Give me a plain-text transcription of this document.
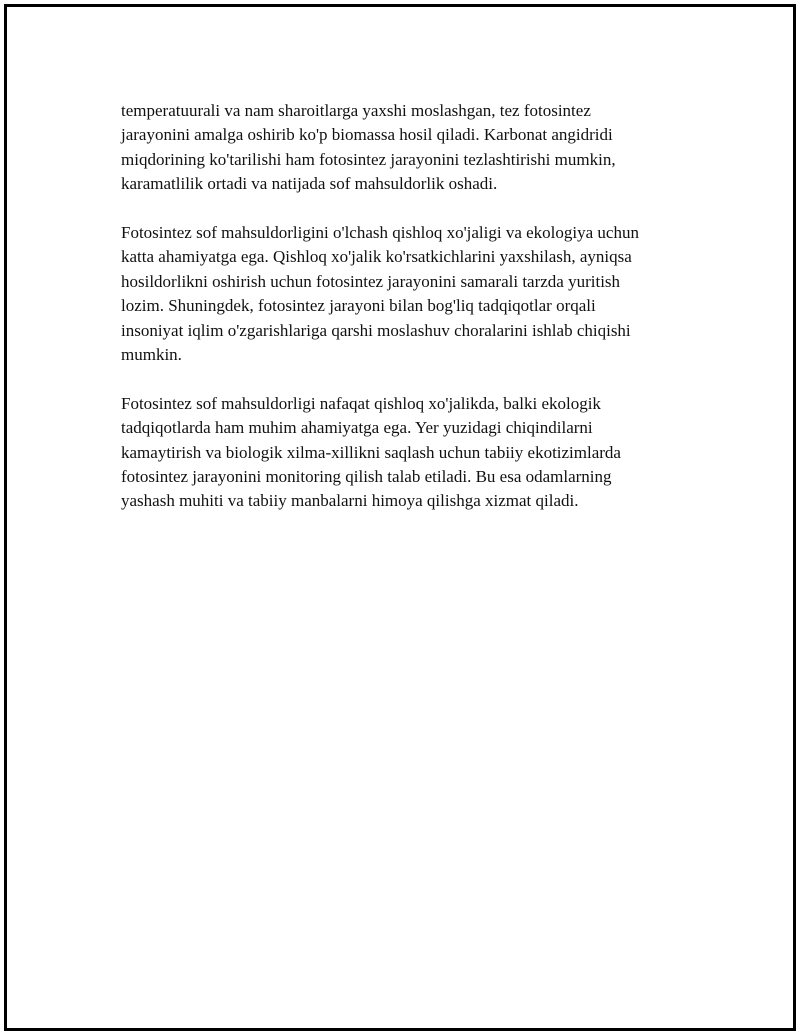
temperatuurali va nam sharoitlarga yaxshi moslashgan, tez fotosintez
jarayonini amalga oshirib ko'p biomassa hosil qiladi. Karbonat angidridi
miqdorining ko'tarilishi ham fotosintez jarayonini tezlashtirishi mumkin,
karamatlilik ortadi va natijada sof mahsuldorlik oshadi.

Fotosintez sof mahsuldorligini o'lchash qishloq xo'jaligi va ekologiya uchun
katta ahamiyatga ega. Qishloq xo'jalik ko'rsatkichlarini yaxshilash, ayniqsa
hosildorlikni oshirish uchun fotosintez jarayonini samarali tarzda yuritish
lozim. Shuningdek, fotosintez jarayoni bilan bog'liq tadqiqotlar orqali
insoniyat iqlim o'zgarishlariga qarshi moslashuv choralarini ishlab chiqishi
mumkin.

Fotosintez sof mahsuldorligi nafaqat qishloq xo'jalikda, balki ekologik
tadqiqotlarda ham muhim ahamiyatga ega. Yer yuzidagi chiqindilarni
kamaytirish va biologik xilma-xillikni saqlash uchun tabiiy ekotizimlarda
fotosintez jarayonini monitoring qilish talab etiladi. Bu esa odamlarning
yashash muhiti va tabiiy manbalarni himoya qilishga xizmat qiladi.
